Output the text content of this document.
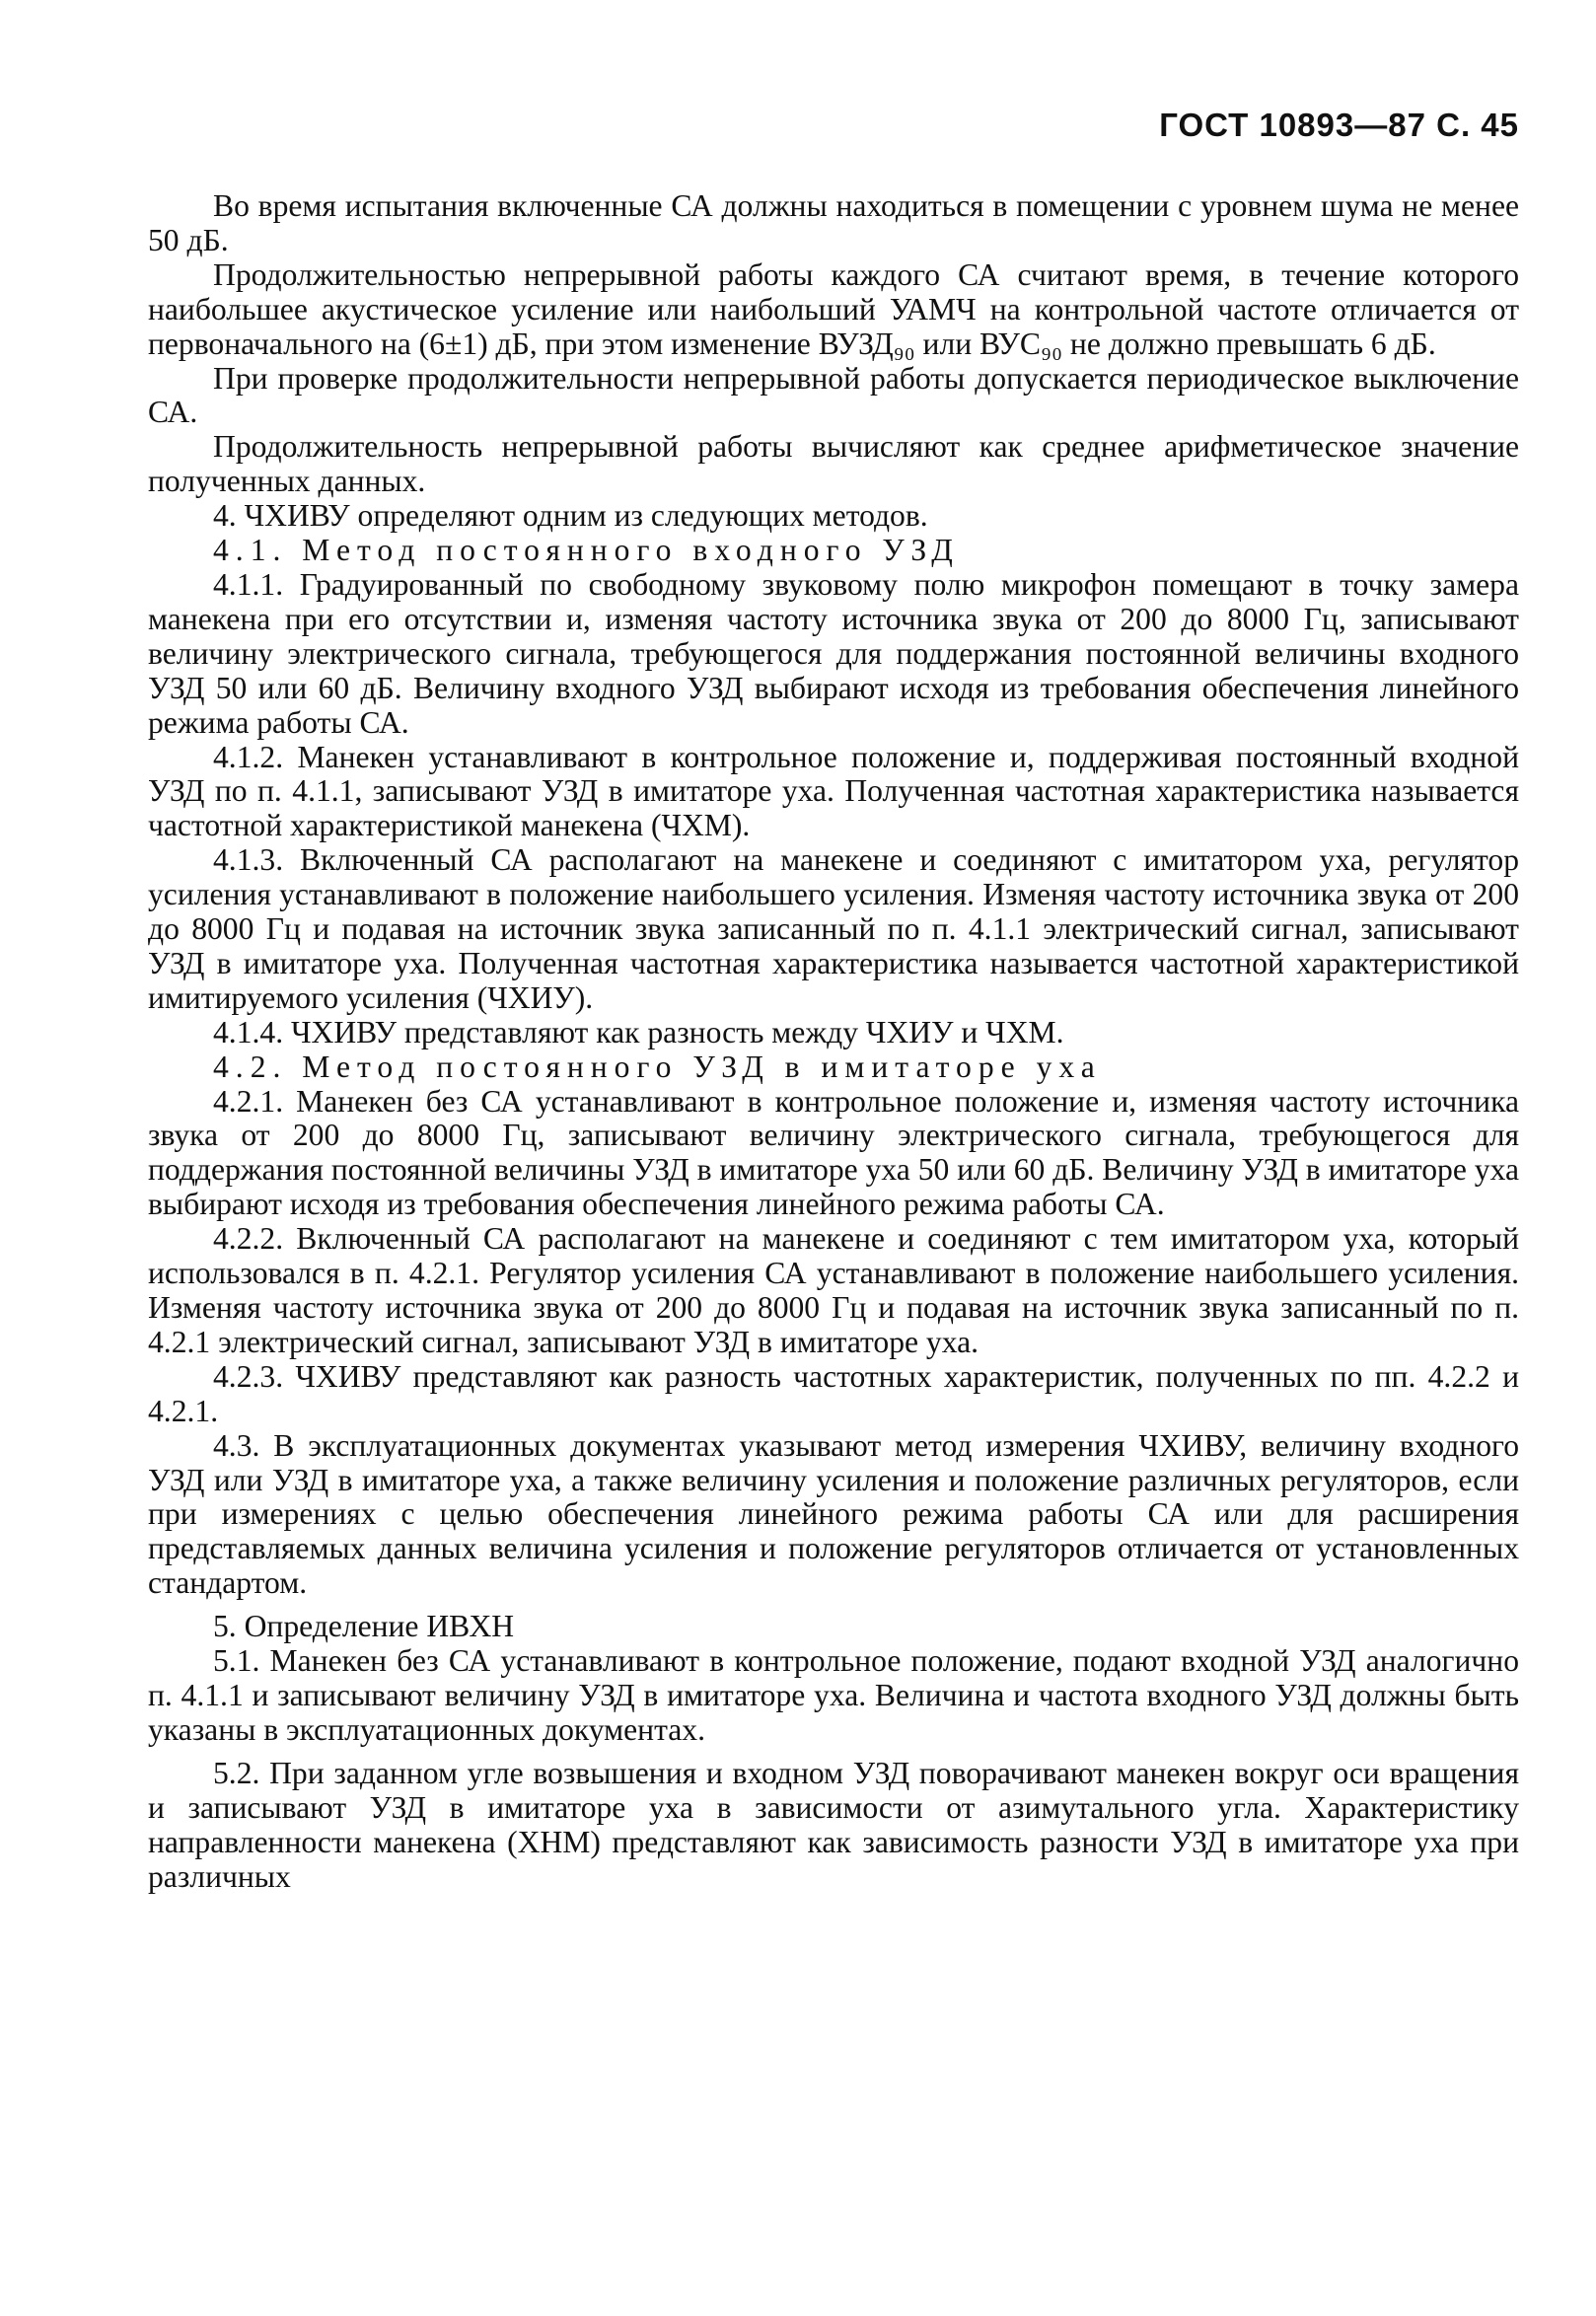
ГОСТ 10893—87 С. 45

Во время испытания включенные СА должны находиться в помещении с уровнем шума не менее 50 дБ.

Продолжительностью непрерывной работы каждого СА считают время, в течение которого наибольшее акустическое усиление или наибольший УАМЧ на контрольной частоте отличается от первоначального на (6±1) дБ, при этом изменение ВУЗД₉₀ или ВУС₉₀ не должно превышать 6 дБ.

При проверке продолжительности непрерывной работы допускается периодическое выключение СА.

Продолжительность непрерывной работы вычисляют как среднее арифметическое значение полученных данных.

4. ЧХИВУ определяют одним из следующих методов.

4.1. Метод постоянного входного УЗД

4.1.1. Градуированный по свободному звуковому полю микрофон помещают в точку замера манекена при его отсутствии и, изменяя частоту источника звука от 200 до 8000 Гц, записывают величину электрического сигнала, требующегося для поддержания постоянной величины входного УЗД 50 или 60 дБ. Величину входного УЗД выбирают исходя из требования обеспечения линейного режима работы СА.

4.1.2. Манекен устанавливают в контрольное положение и, поддерживая постоянный входной УЗД по п. 4.1.1, записывают УЗД в имитаторе уха. Полученная частотная характеристика называется частотной характеристикой манекена (ЧХМ).

4.1.3. Включенный СА располагают на манекене и соединяют с имитатором уха, регулятор усиления устанавливают в положение наибольшего усиления. Изменяя частоту источника звука от 200 до 8000 Гц и подавая на источник звука записанный по п. 4.1.1 электрический сигнал, записывают УЗД в имитаторе уха. Полученная частотная характеристика называется частотной характеристикой имитируемого усиления (ЧХИУ).

4.1.4. ЧХИВУ представляют как разность между ЧХИУ и ЧХМ.

4.2. Метод постоянного УЗД в имитаторе уха

4.2.1. Манекен без СА устанавливают в контрольное положение и, изменяя частоту источника звука от 200 до 8000 Гц, записывают величину электрического сигнала, требующегося для поддержания постоянной величины УЗД в имитаторе уха 50 или 60 дБ. Величину УЗД в имитаторе уха выбирают исходя из требования обеспечения линейного режима работы СА.

4.2.2. Включенный СА располагают на манекене и соединяют с тем имитатором уха, который использовался в п. 4.2.1. Регулятор усиления СА устанавливают в положение наибольшего усиления. Изменяя частоту источника звука от 200 до 8000 Гц и подавая на источник звука записанный по п. 4.2.1 электрический сигнал, записывают УЗД в имитаторе уха.

4.2.3. ЧХИВУ представляют как разность частотных характеристик, полученных по пп. 4.2.2 и 4.2.1.

4.3. В эксплуатационных документах указывают метод измерения ЧХИВУ, величину входного УЗД или УЗД в имитаторе уха, а также величину усиления и положение различных регуляторов, если при измерениях с целью обеспечения линейного режима работы СА или для расширения представляемых данных величина усиления и положение регуляторов отличается от установленных стандартом.

5. Определение ИВХН

5.1. Манекен без СА устанавливают в контрольное положение, подают входной УЗД аналогично п. 4.1.1 и записывают величину УЗД в имитаторе уха. Величина и частота входного УЗД должны быть указаны в эксплуатационных документах.

5.2. При заданном угле возвышения и входном УЗД поворачивают манекен вокруг оси вращения и записывают УЗД в имитаторе уха в зависимости от азимутального угла. Характеристику направленности манекена (ХНМ) представляют как зависимость разности УЗД в имитаторе уха при различных
